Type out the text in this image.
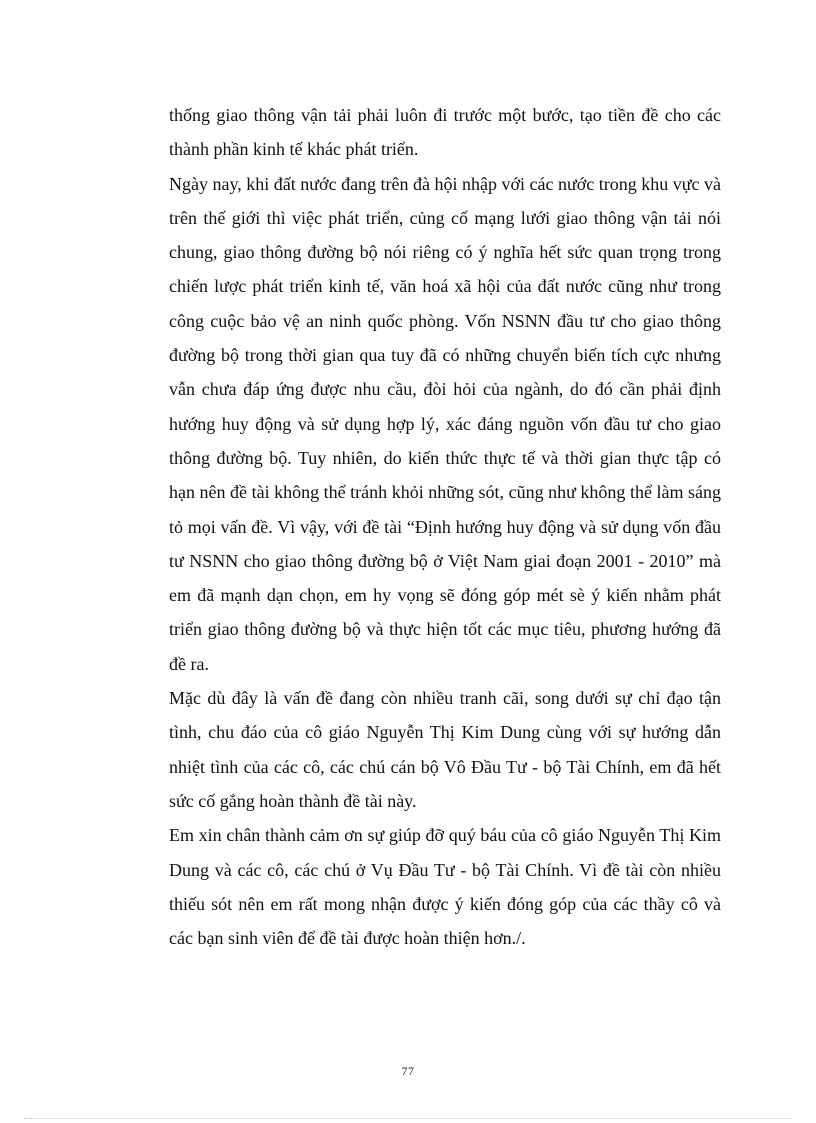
thống giao thông vận tải phải luôn đi trước một bước, tạo tiền đề cho các thành phần kinh tế khác phát triển.

Ngày nay, khi đất nước đang trên đà hội nhập với các nước trong khu vực và trên thế giới thì việc phát triển, củng cố mạng lưới giao thông vận tải nói chung, giao thông đường bộ nói riêng có ý nghĩa hết sức quan trọng trong chiến lược phát triển kinh tế, văn hoá xã hội của đất nước cũng như trong công cuộc bảo vệ an ninh quốc phòng. Vốn NSNN đầu tư cho giao thông đường bộ trong thời gian qua tuy đã có những chuyển biến tích cực nhưng vẫn chưa đáp ứng được nhu cầu, đòi hỏi của ngành, do đó cần phải định hướng huy động và sử dụng hợp lý, xác đáng nguồn vốn đầu tư cho giao thông đường bộ. Tuy nhiên, do kiến thức thực tế và thời gian thực tập có hạn nên đề tài không thể tránh khỏi những sót, cũng như không thể làm sáng tỏ mọi vấn đề. Vì vậy, với đề tài “Định hướng huy động và sử dụng vốn đầu tư NSNN cho giao thông đường bộ ở Việt Nam giai đoạn 2001 - 2010” mà em đã mạnh dạn chọn, em hy vọng sẽ đóng góp mét sè ý kiến nhằm phát triển giao thông đường bộ và thực hiện tốt các mục tiêu, phương hướng đã đề ra.

Mặc dù đây là vấn đề đang còn nhiều tranh cãi, song dưới sự chỉ đạo tận tình, chu đáo của cô giáo Nguyễn Thị Kim Dung cùng với sự hướng dẫn nhiệt tình của các cô, các chú cán bộ Vô Đầu Tư - bộ Tài Chính, em đã hết sức cố gắng hoàn thành đề tài này.

Em xin chân thành cảm ơn sự giúp đỡ quý báu của cô giáo Nguyễn Thị Kim Dung và các cô, các chú ở Vụ Đầu Tư - bộ Tài Chính. Vì đề tài còn nhiều thiếu sót nên em rất mong nhận được ý kiến đóng góp của các thầy cô và các bạn sinh viên để đề tài được hoàn thiện hơn./.

77
